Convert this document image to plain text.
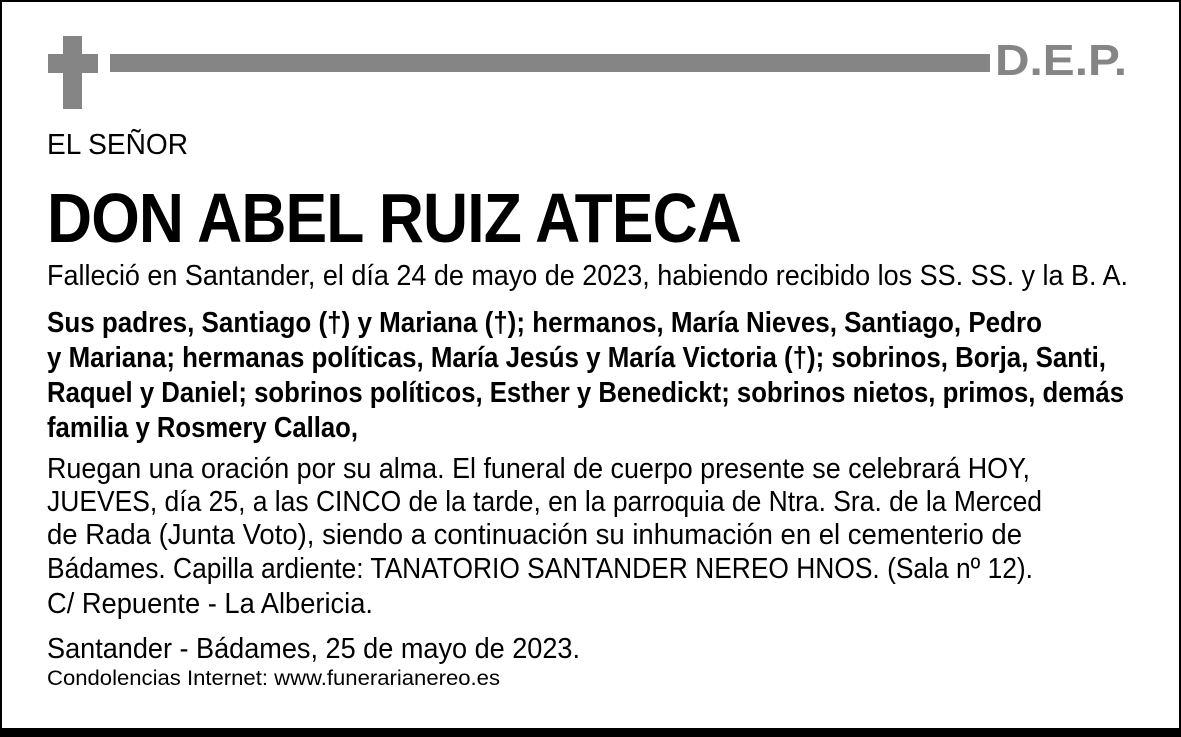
D.E.P.
EL SEÑOR
DON ABEL RUIZ ATECA
Falleció en Santander, el día 24 de mayo de 2023, habiendo recibido los SS. SS. y la B. A.
Sus padres, Santiago (†) y Mariana (†); hermanos, María Nieves, Santiago, Pedro
y Mariana; hermanas políticas, María Jesús y María Victoria (†); sobrinos, Borja, Santi,
Raquel y Daniel; sobrinos políticos, Esther y Benedickt; sobrinos nietos, primos, demás
familia y Rosmery Callao,
Ruegan una oración por su alma. El funeral de cuerpo presente se celebrará HOY,
JUEVES, día 25, a las CINCO de la tarde, en la parroquia de Ntra. Sra. de la Merced
de Rada (Junta Voto), siendo a continuación su inhumación en el cementerio de
Bádames. Capilla ardiente: TANATORIO SANTANDER NEREO HNOS. (Sala nº 12).
C/ Repuente - La Albericia.
Santander - Bádames, 25 de mayo de 2023.
Condolencias Internet: www.funerarianereo.es
